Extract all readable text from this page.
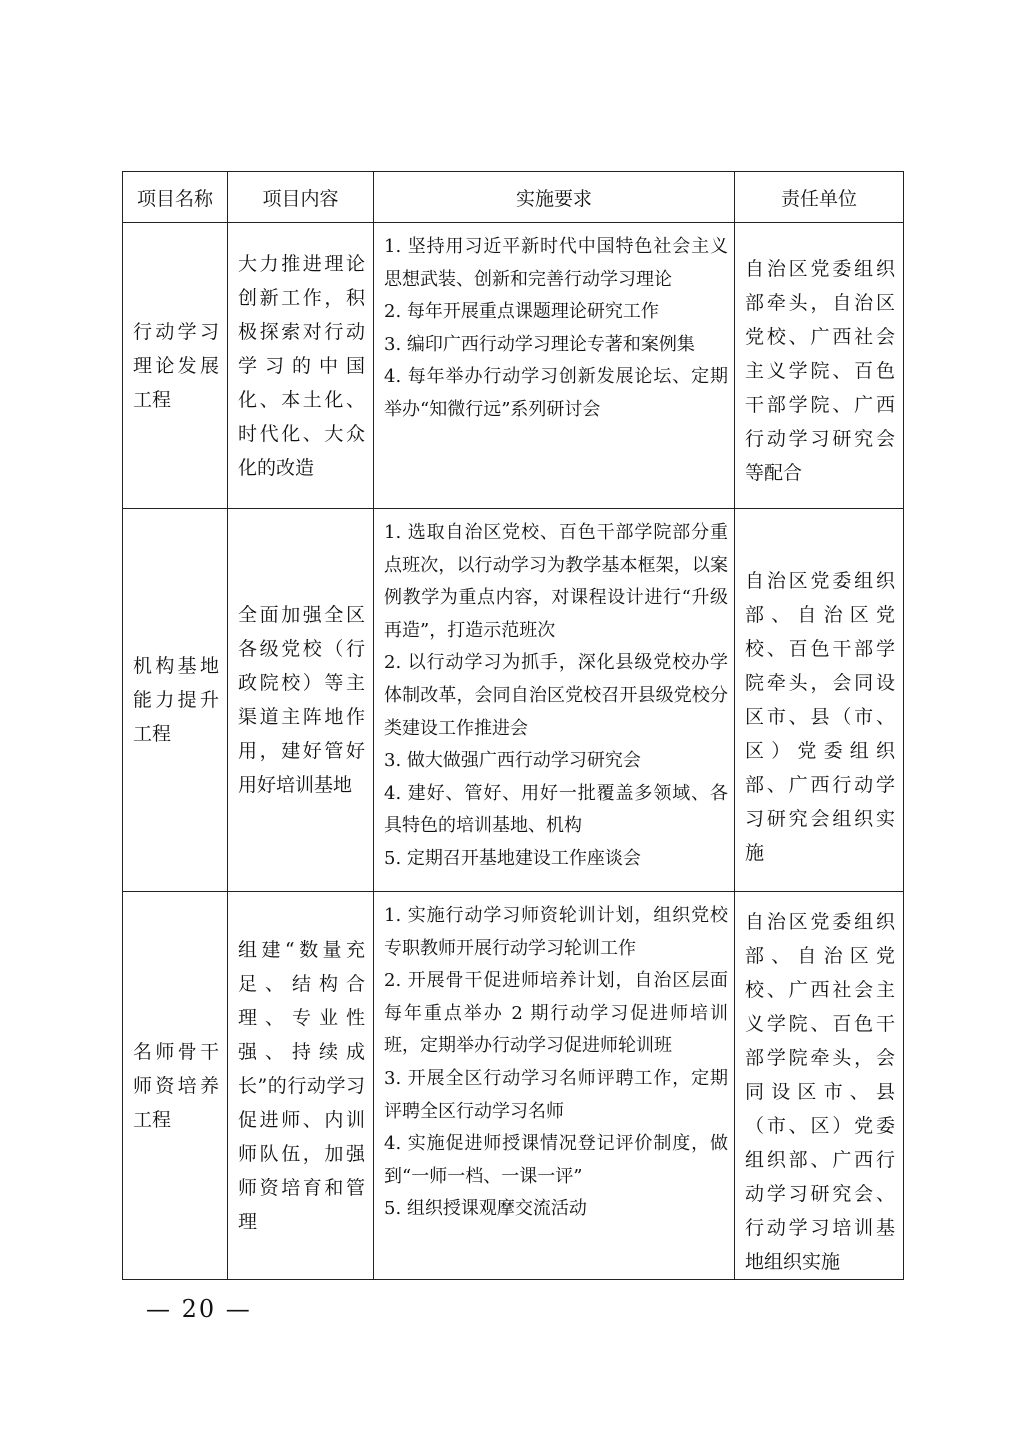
项目名称	项目内容	实施要求	责任单位
行动学习理论发展工程	大力推进理论创新工作，积极探索对行动学习的中国化、本土化、时代化、大众化的改造	1. 坚持用习近平新时代中国特色社会主义思想武装、创新和完善行动学习理论
2. 每年开展重点课题理论研究工作
3. 编印广西行动学习理论专著和案例集
4. 每年举办行动学习创新发展论坛、定期举办“知微行远”系列研讨会	自治区党委组织部牵头，自治区党校、广西社会主义学院、百色干部学院、广西行动学习研究会等配合
机构基地能力提升工程	全面加强全区各级党校（行政院校）等主渠道主阵地作用，建好管好用好培训基地	1. 选取自治区党校、百色干部学院部分重点班次，以行动学习为教学基本框架，以案例教学为重点内容，对课程设计进行“升级再造”，打造示范班次
2. 以行动学习为抓手，深化县级党校办学体制改革，会同自治区党校召开县级党校分类建设工作推进会
3. 做大做强广西行动学习研究会
4. 建好、管好、用好一批覆盖多领域、各具特色的培训基地、机构
5. 定期召开基地建设工作座谈会	自治区党委组织部、自治区党校、百色干部学院牵头，会同设区市、县（市、区）党委组织部、广西行动学习研究会组织实施
名师骨干师资培养工程	组建“数量充足、结构合理、专业性强、持续成长”的行动学习促进师、内训师队伍，加强师资培育和管理	1. 实施行动学习师资轮训计划，组织党校专职教师开展行动学习轮训工作
2. 开展骨干促进师培养计划，自治区层面每年重点举办 2 期行动学习促进师培训班，定期举办行动学习促进师轮训班
3. 开展全区行动学习名师评聘工作，定期评聘全区行动学习名师
4. 实施促进师授课情况登记评价制度，做到“一师一档、一课一评”
5. 组织授课观摩交流活动	自治区党委组织部、自治区党校、广西社会主义学院、百色干部学院牵头，会同设区市、县（市、区）党委组织部、广西行动学习研究会、行动学习培训基地组织实施
— 20 —
